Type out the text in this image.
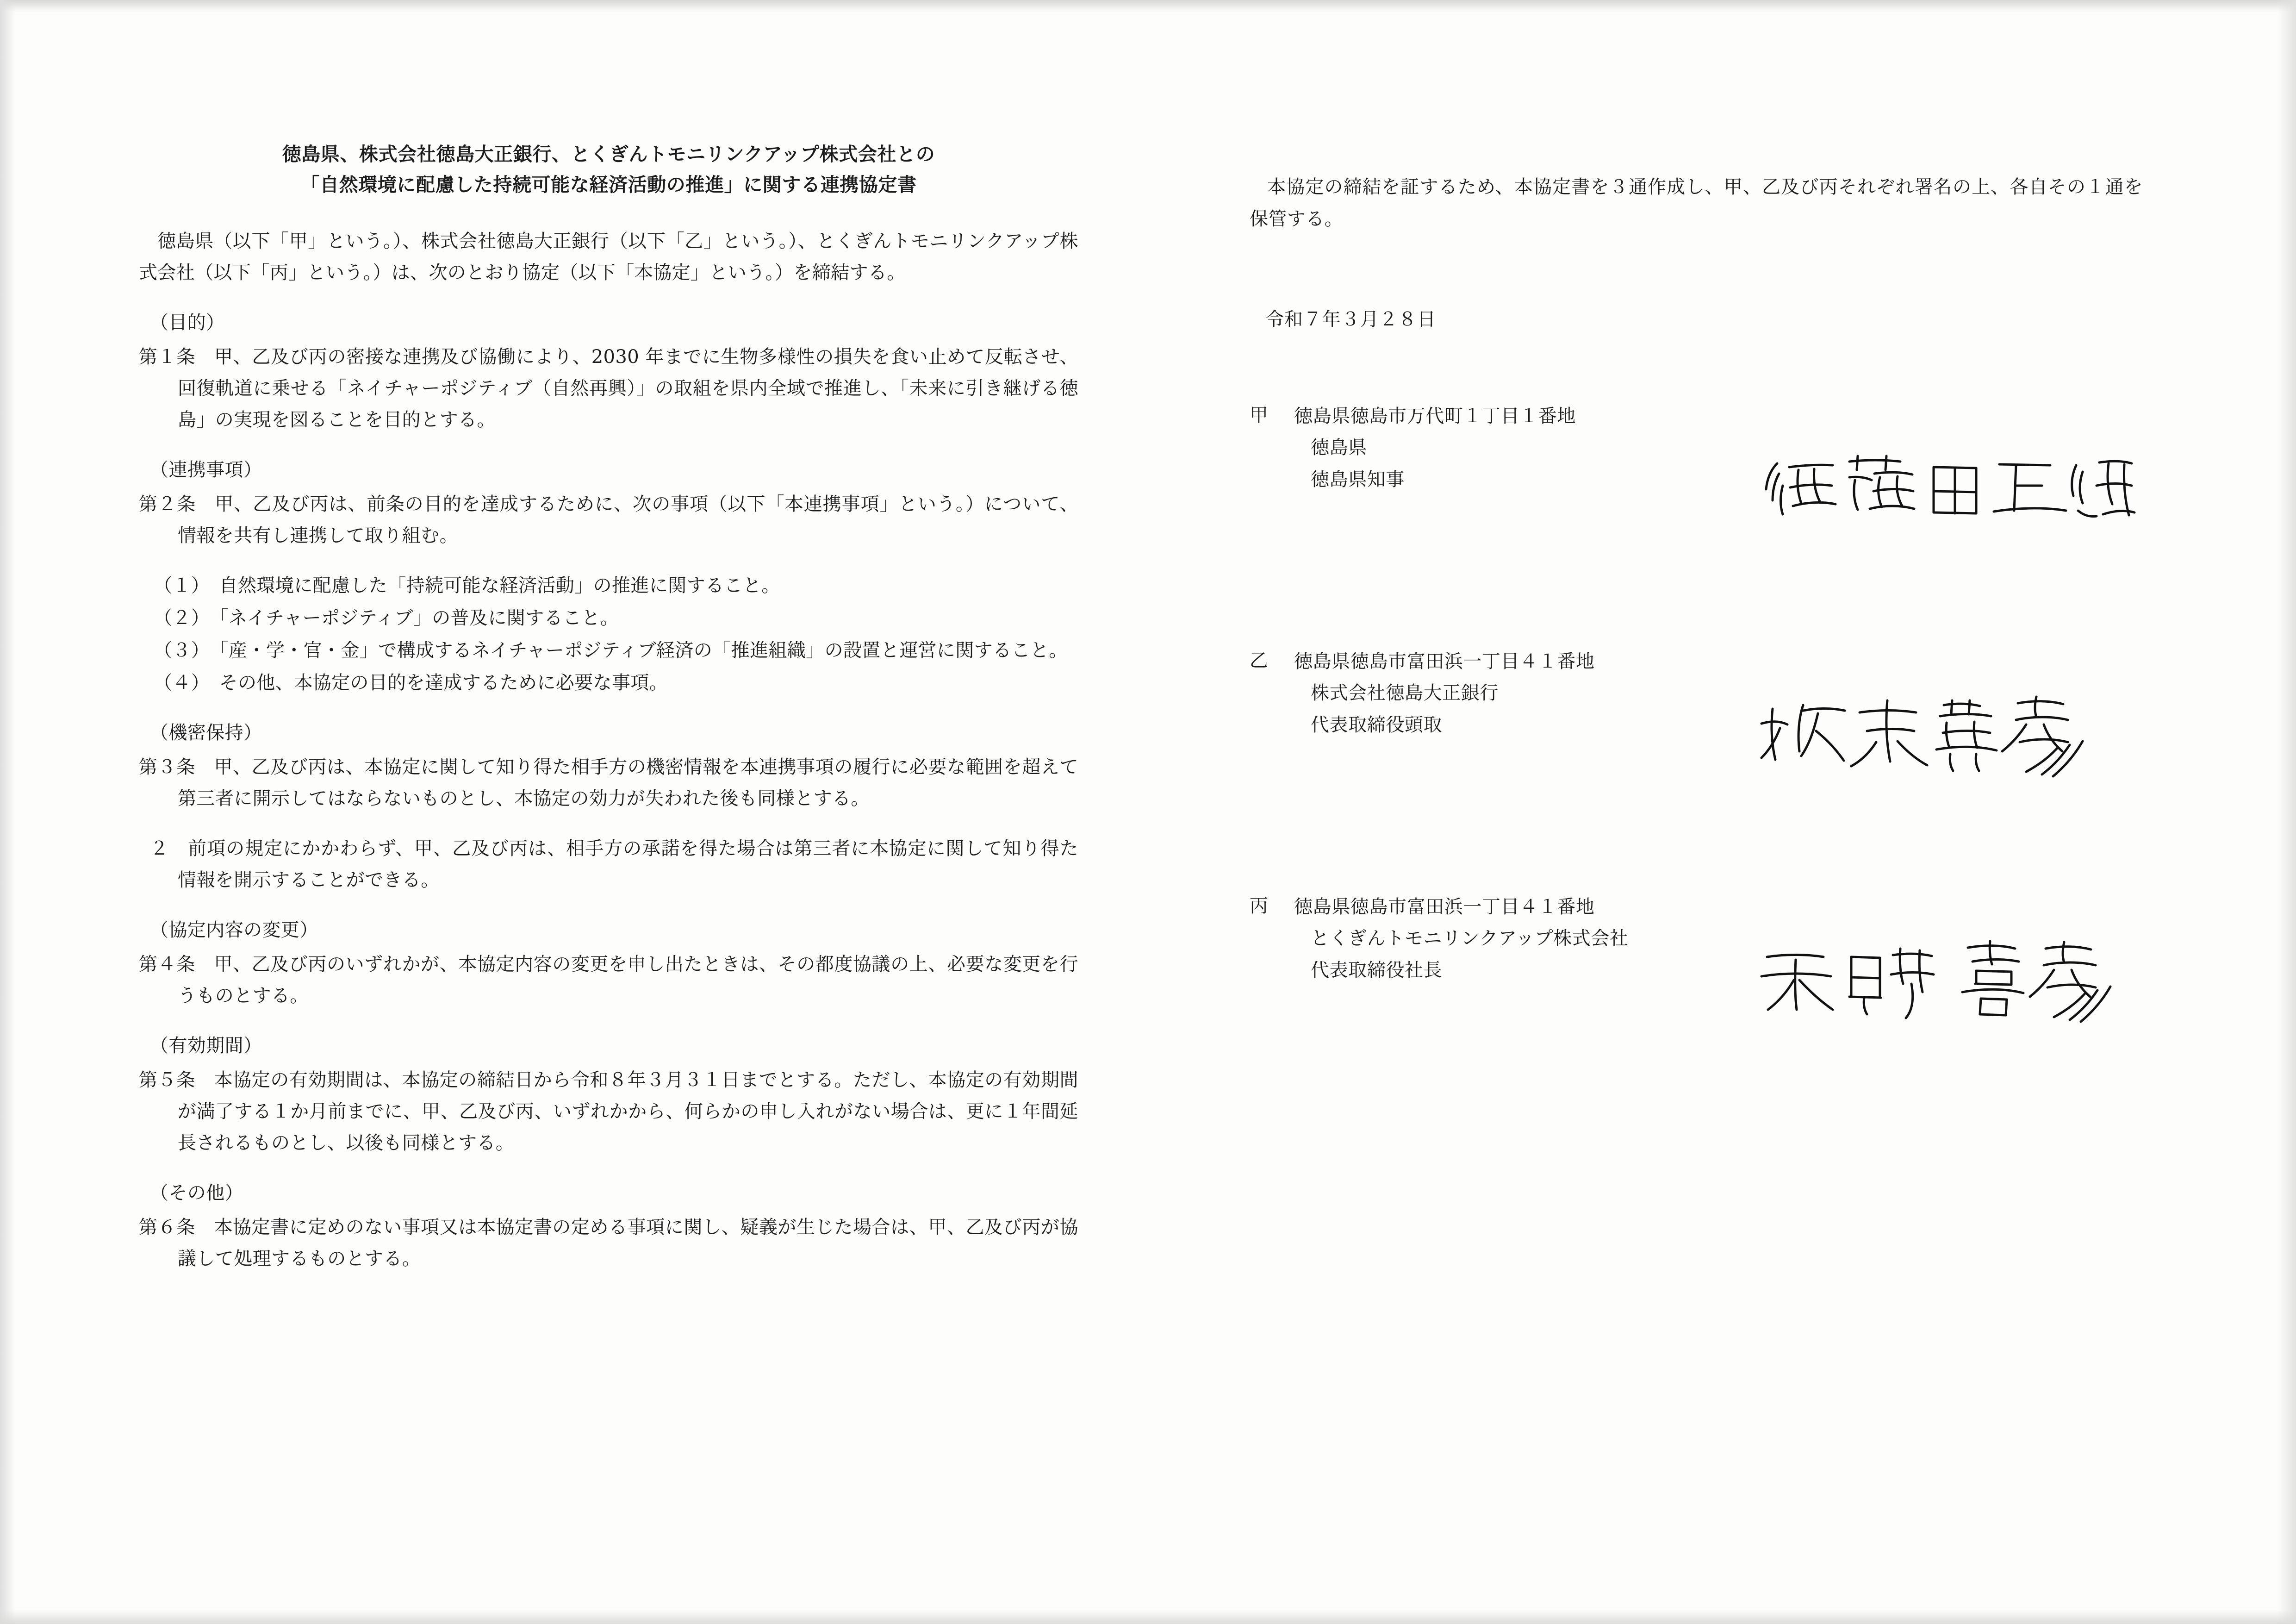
徳島県、株式会社徳島大正銀行、とくぎんトモニリンクアップ株式会社との
「自然環境に配慮した持続可能な経済活動の推進」に関する連携協定書

徳島県（以下「甲」という。）、株式会社徳島大正銀行（以下「乙」という。）、とくぎんトモニリンクアップ株式会社（以下「丙」という。）は、次のとおり協定（以下「本協定」という。）を締結する。

（目的）

第１条　甲、乙及び丙の密接な連携及び協働により、2030 年までに生物多様性の損失を食い止めて反転させ、回復軌道に乗せる「ネイチャーポジティブ（自然再興）」の取組を県内全域で推進し、「未来に引き継げる徳島」の実現を図ることを目的とする。

（連携事項）

第２条　甲、乙及び丙は、前条の目的を達成するために、次の事項（以下「本連携事項」という。）について、情報を共有し連携して取り組む。

（１）　自然環境に配慮した「持続可能な経済活動」の推進に関すること。

（２）　「ネイチャーポジティブ」の普及に関すること。

（３）　「産・学・官・金」で構成するネイチャーポジティブ経済の「推進組織」の設置と運営に関すること。

（４）　その他、本協定の目的を達成するために必要な事項。

（機密保持）

第３条　甲、乙及び丙は、本協定に関して知り得た相手方の機密情報を本連携事項の履行に必要な範囲を超えて第三者に開示してはならないものとし、本協定の効力が失われた後も同様とする。

２　前項の規定にかかわらず、甲、乙及び丙は、相手方の承諾を得た場合は第三者に本協定に関して知り得た情報を開示することができる。

（協定内容の変更）

第４条　甲、乙及び丙のいずれかが、本協定内容の変更を申し出たときは、その都度協議の上、必要な変更を行うものとする。

（有効期間）

第５条　本協定の有効期間は、本協定の締結日から令和８年３月３１日までとする。ただし、本協定の有効期間が満了する１か月前までに、甲、乙及び丙、いずれかから、何らかの申し入れがない場合は、更に１年間延長されるものとし、以後も同様とする。

（その他）

第６条　本協定書に定めのない事項又は本協定書の定める事項に関し、疑義が生じた場合は、甲、乙及び丙が協議して処理するものとする。

本協定の締結を証するため、本協定書を３通作成し、甲、乙及び丙それぞれ署名の上、各自その１通を保管する。

令和７年３月２８日

甲 徳島県徳島市万代町１丁目１番地
徳島県
徳島県知事
乙 徳島県徳島市富田浜一丁目４１番地
株式会社徳島大正銀行
代表取締役頭取
丙 徳島県徳島市富田浜一丁目４１番地
とくぎんトモニリンクアップ株式会社
代表取締役社長
